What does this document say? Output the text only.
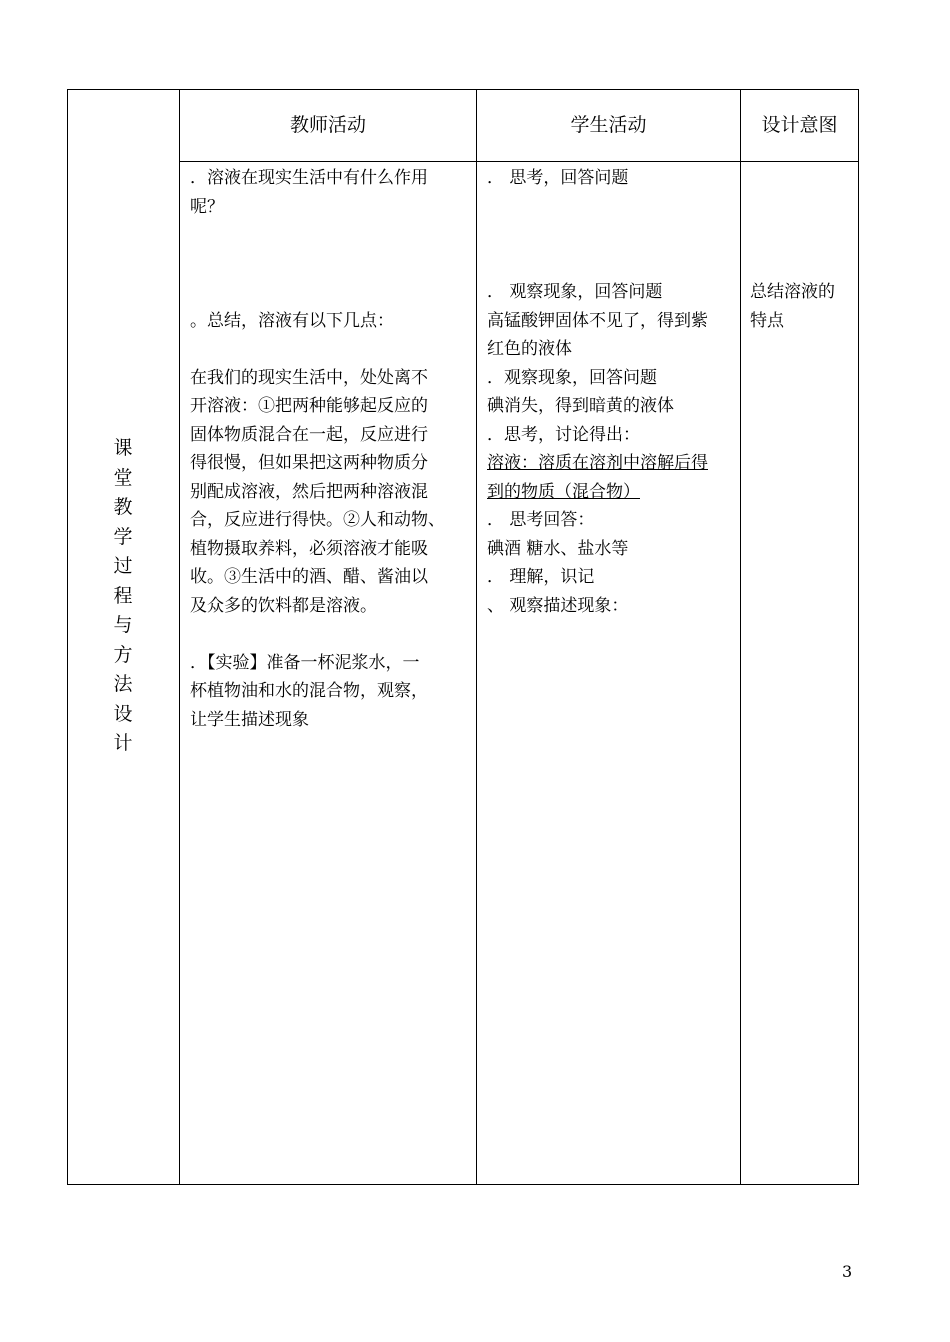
教师活动	学生活动	设计意图
课
堂
教
学
过
程
与
方
法
设
计
．溶液在现实生活中有什么作用
呢？
。总结，溶液有以下几点：
在我们的现实生活中，处处离不
开溶液：①把两种能够起反应的
固体物质混合在一起，反应进行
得很慢，但如果把这两种物质分
别配成溶液，然后把两种溶液混
合，反应进行得快。②人和动物、
植物摄取养料，必须溶液才能吸
收。③生活中的酒、醋、酱油以
及众多的饮料都是溶液。
．【实验】准备一杯泥浆水，一
杯植物油和水的混合物，观察，
让学生描述现象
． 思考，回答问题
． 观察现象，回答问题
高锰酸钾固体不见了，得到紫
红色的液体
．观察现象，回答问题
碘消失，得到暗黄的液体
．思考，讨论得出：
溶液：溶质在溶剂中溶解后得
到的物质（混合物）
． 思考回答：
碘酒 糖水、盐水等
． 理解，识记
、 观察描述现象：
总结溶液的
特点
3
